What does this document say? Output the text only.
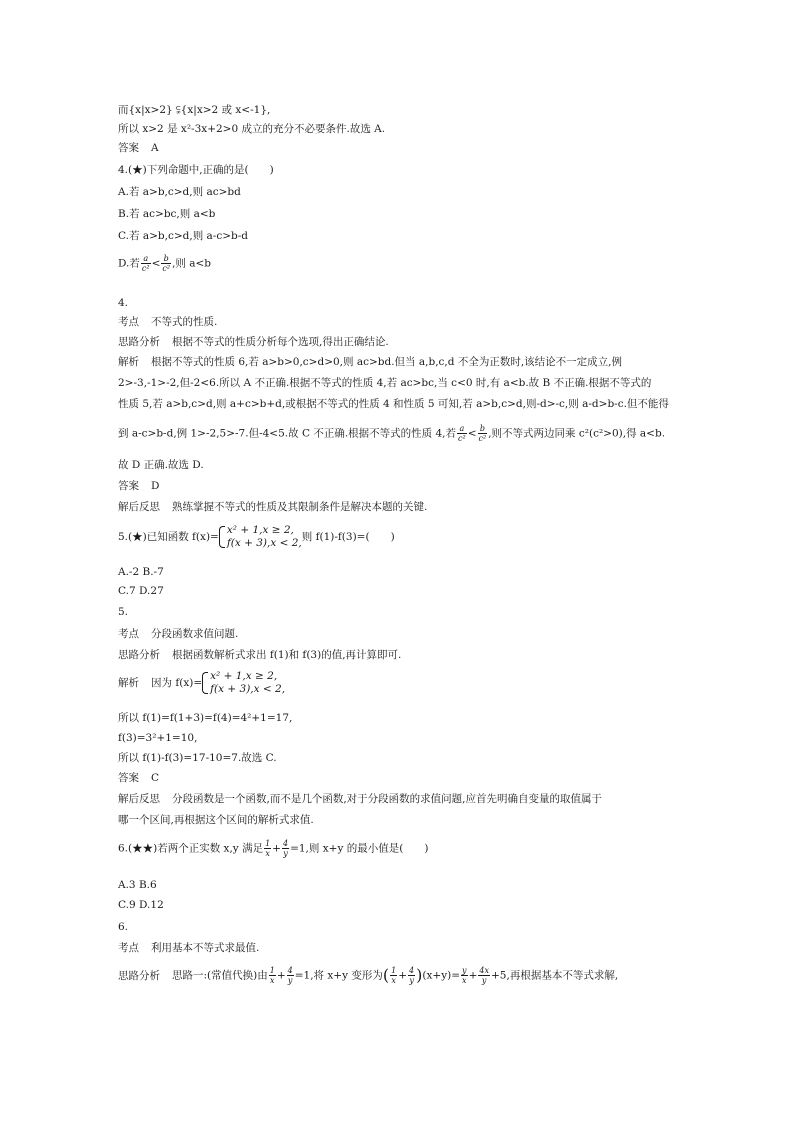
而{x|x>2} ⫋{x|x>2 或 x<-1},
所以 x>2 是 x²-3x+2>0 成立的充分不必要条件.故选 A.
答案 A
4.(★)下列命题中,正确的是(　　)
A.若 a>b,c>d,则 ac>bd
B.若 ac>bc,则 a<b
C.若 a>b,c>d,则 a-c>b-d
D.若 $\frac{a}{\text{c²}} < \frac{b}{\text{c²}}$ ,则 a<b
4.
考点 不等式的性质.
思路分析 根据不等式的性质分析每个选项,得出正确结论.
解析 根据不等式的性质 6,若 a>b>0,c>d>0,则 ac>bd.但当 a,b,c,d 不全为正数时,该结论不一定成立,例
2>-3,-1>-2,但-2<6.所以 A 不正确.根据不等式的性质 4,若 ac>bc,当 c<0 时,有 a<b.故 B 不正确.根据不等式的
性质 5,若 a>b,c>d,则 a+c>b+d,或根据不等式的性质 4 和性质 5 可知,若 a>b,c>d,则-d>-c,则 a-d>b-c.但不能得
到 a-c>b-d,例 1>-2,5>-7.但-4<5.故 C 不正确.根据不等式的性质 4,若 $\frac{a}{\text{c²}} < \frac{b}{\text{c²}}$ ,则不等式两边同乘 c²(c²>0),得 a<b.
故 D 正确.故选 D.
答案 D
解后反思 熟练掌握不等式的性质及其限制条件是解决本题的关键.
5.(★)已知函数 f(x)=
x² + 1,x ≥ 2,
f(x + 3),x < 2, 则 f(1)-f(3)=(　　)
A.-2 B.-7
C.7 D.27
5.
考点 分段函数求值问题.
思路分析 根据函数解析式求出 f(1)和 f(3)的值,再计算即可.
解析 因为 f(x)=
x² + 1,x ≥ 2,
f(x + 3),x < 2,
所以 f(1)=f(1+3)=f(4)=4²+1=17,
f(3)=3²+1=10,
所以 f(1)-f(3)=17-10=7.故选 C.
答案 C
解后反思 分段函数是一个函数,而不是几个函数,对于分段函数的求值问题,应首先明确自变量的取值属于
哪一个区间,再根据这个区间的解析式求值.
6.(★★)若两个正实数 x,y 满足 $\frac{1}{x} + \frac{4}{y} =1$,则 x+y 的最小值是(　　)
A.3 B.6
C.9 D.12
6.
考点 利用基本不等式求最值.
思路分析 思路一:(常值代换)由 $\frac{1}{x} + \frac{4}{y} =1$,将 x+y 变形为( $\frac{1}{x} + \frac{4}{y} )(x+y)= \frac{y}{x} + \frac{4x}{y} +5$,再根据基本不等式求解,
